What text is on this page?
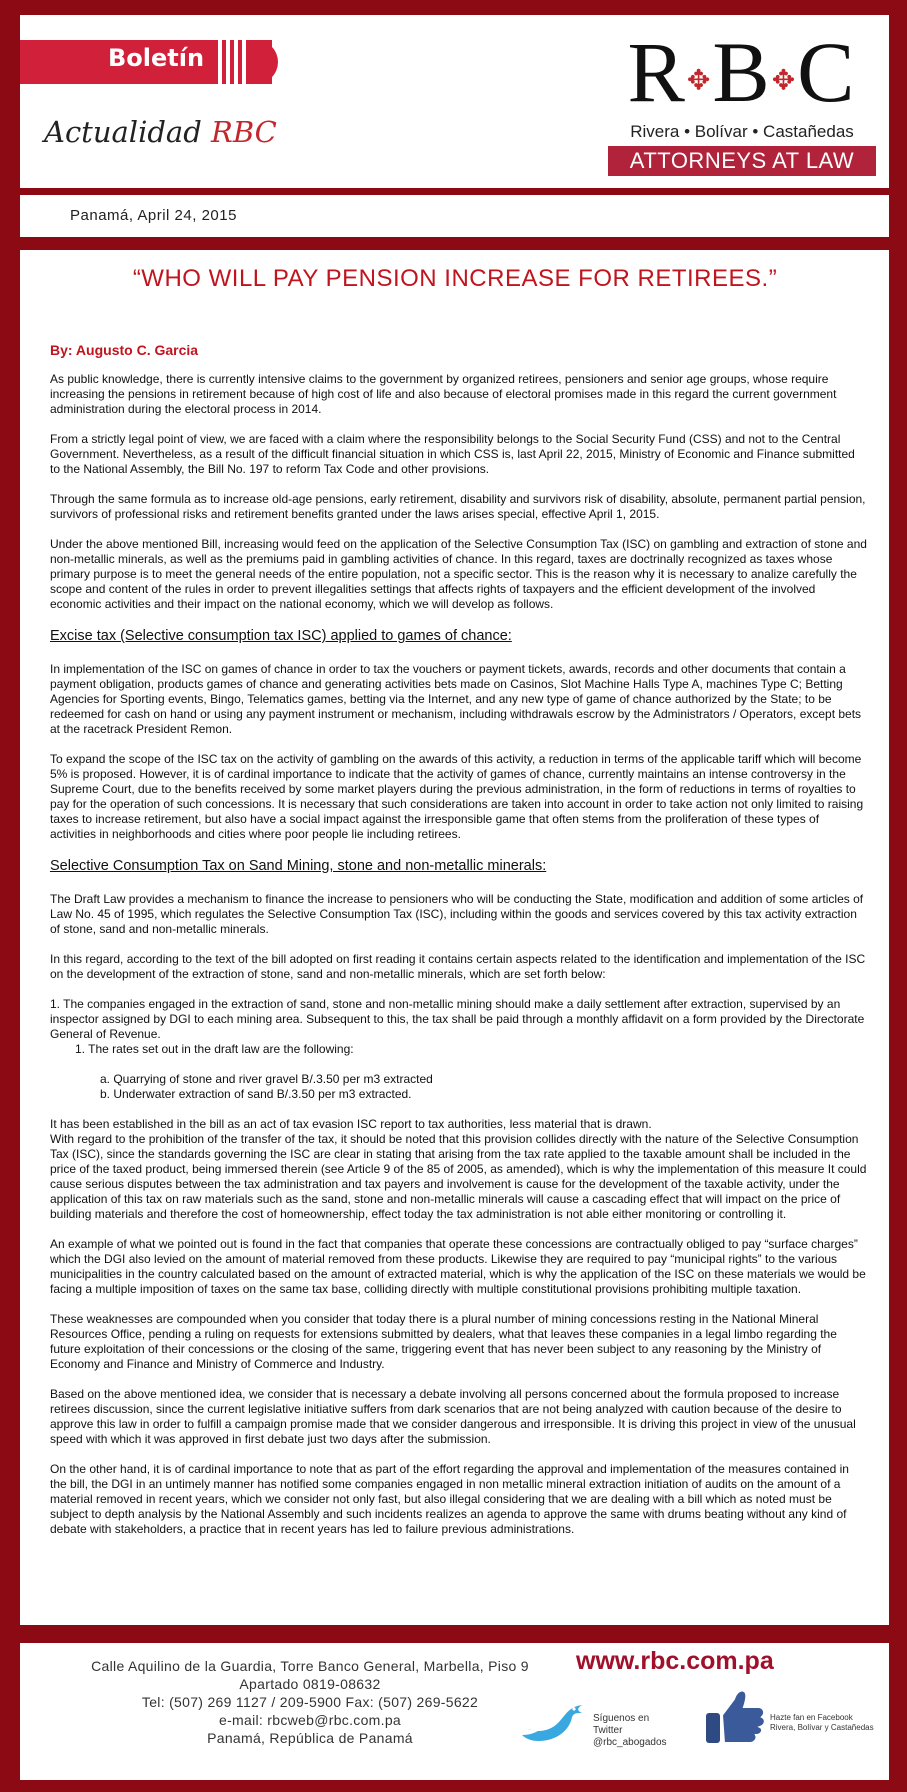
Boletín
Actualidad RBC
R✥B✥C
Rivera • Bolívar • Castañedas
ATTORNEYS AT LAW
Panamá, April 24, 2015
“WHO WILL PAY PENSION INCREASE FOR RETIREES.”
By: Augusto C. Garcia

As public knowledge, there is currently intensive claims to the government by organized retirees, pensioners and senior age groups, whose require increasing the pensions in retirement because of high cost of life and also because of electoral promises made in this regard the current government administration during the electoral process in 2014.

From a strictly legal point of view, we are faced with a claim where the responsibility belongs to the Social Security Fund (CSS) and not to the Central Government. Nevertheless, as a result of the difficult financial situation in which CSS is, last April 22, 2015, Ministry of Economic and Finance submitted to the National Assembly, the Bill No. 197 to reform Tax Code and other provisions.

Through the same formula as to increase old-age pensions, early retirement, disability and survivors risk of disability, absolute, permanent partial pension, survivors of professional risks and retirement benefits granted under the laws arises special, effective April 1, 2015.

Under the above mentioned Bill, increasing would feed on the application of the Selective Consumption Tax (ISC) on gambling and extraction of stone and non-metallic minerals, as well as the premiums paid in gambling activities of chance. In this regard, taxes are doctrinally recognized as taxes whose primary purpose is to meet the general needs of the entire population, not a specific sector. This is the reason why it is necessary to analize carefully the scope and content of the rules in order to prevent illegalities settings that affects rights of taxpayers and the efficient development of the involved economic activities and their impact on the national economy, which we will develop as follows.

Excise tax (Selective consumption tax ISC) applied to games of chance:

In implementation of the ISC on games of chance in order to tax the vouchers or payment tickets, awards, records and other documents that contain a payment obligation, products games of chance and generating activities bets made on Casinos, Slot Machine Halls Type A, machines Type C; Betting Agencies for Sporting events, Bingo, Telematics games, betting via the Internet, and any new type of game of chance authorized by the State; to be redeemed for cash on hand or using any payment instrument or mechanism, including withdrawals escrow by the Administrators / Operators, except bets at the racetrack President Remon.

To expand the scope of the ISC tax on the activity of gambling on the awards of this activity, a reduction in terms of the applicable tariff which will become 5% is proposed. However, it is of cardinal importance to indicate that the activity of games of chance, currently maintains an intense controversy in the Supreme Court, due to the benefits received by some market players during the previous administration, in the form of reductions in terms of royalties to pay for the operation of such concessions. It is necessary that such considerations are taken into account in order to take action not only limited to raising taxes to increase retirement, but also have a social impact against the irresponsible game that often stems from the proliferation of these types of activities in neighborhoods and cities where poor people lie including retirees.

Selective Consumption Tax on Sand Mining, stone and non-metallic minerals:

The Draft Law provides a mechanism to finance the increase to pensioners who will be conducting the State, modification and addition of some articles of Law No. 45 of 1995, which regulates the Selective Consumption Tax (ISC), including within the goods and services covered by this tax activity extraction of stone, sand and non-metallic minerals.

In this regard, according to the text of the bill adopted on first reading it contains certain aspects related to the identification and implementation of the ISC on the development of the extraction of stone, sand and non-metallic minerals, which are set forth below:

1. The companies engaged in the extraction of sand, stone and non-metallic mining should make a daily settlement after extraction, supervised by an inspector assigned by DGI to each mining area. Subsequent to this, the tax shall be paid through a monthly affidavit on a form provided by the Directorate General of Revenue.

1. The rates set out in the draft law are the following:
a. Quarrying of stone and river gravel B/.3.50 per m3 extracted
b. Underwater extraction of sand B/.3.50 per m3 extracted.
It has been established in the bill as an act of tax evasion ISC report to tax authorities, less material that is drawn.

With regard to the prohibition of the transfer of the tax, it should be noted that this provision collides directly with the nature of the Selective Consumption Tax (ISC), since the standards governing the ISC are clear in stating that arising from the tax rate applied to the taxable amount shall be included in the price of the taxed product, being immersed therein (see Article 9 of the 85 of 2005, as amended), which is why the implementation of this measure It could cause serious disputes between the tax administration and tax payers and involvement is cause for the development of the taxable activity, under the application of this tax on raw materials such as the sand, stone and non-metallic minerals will cause a cascading effect that will impact on the price of building materials and therefore the cost of homeownership, effect today the tax administration is not able either monitoring or controlling it.

An example of what we pointed out is found in the fact that companies that operate these concessions are contractually obliged to pay “surface charges” which the DGI also levied on the amount of material removed from these products. Likewise they are required to pay “municipal rights” to the various municipalities in the country calculated based on the amount of extracted material, which is why the application of the ISC on these materials we would be facing a multiple imposition of taxes on the same tax base, colliding directly with multiple constitutional provisions prohibiting multiple taxation.

These weaknesses are compounded when you consider that today there is a plural number of mining concessions resting in the National Mineral Resources Office, pending a ruling on requests for extensions submitted by dealers, what that leaves these companies in a legal limbo regarding the future exploitation of their concessions or the closing of the same, triggering event that has never been subject to any reasoning by the Ministry of Economy and Finance and Ministry of Commerce and Industry.

Based on the above mentioned idea, we consider that is necessary a debate involving all persons concerned about the formula proposed to increase retirees discussion, since the current legislative initiative suffers from dark scenarios that are not being analyzed with caution because of the desire to approve this law in order to fulfill a campaign promise made that we consider dangerous and irresponsible. It is driving this project in view of the unusual speed with which it was approved in first debate just two days after the submission.

On the other hand, it is of cardinal importance to note that as part of the effort regarding the approval and implementation of the measures contained in the bill, the DGI in an untimely manner has notified some companies engaged in non metallic mineral extraction initiation of audits on the amount of a material removed in recent years, which we consider not only fast, but also illegal considering that we are dealing with a bill which as noted must be subject to depth analysis by the National Assembly and such incidents realizes an agenda to approve the same with drums beating without any kind of debate with stakeholders, a practice that in recent years has led to failure previous administrations.

Calle Aquilino de la Guardia, Torre Banco General, Marbella, Piso 9
Apartado 0819-08632
Tel: (507) 269 1127 / 209-5900 Fax: (507) 269-5622
e-mail: rbcweb@rbc.com.pa
Panamá, República de Panamá
www.rbc.com.pa
Síguenos en Twitter
@rbc_abogados
Hazte fan en Facebook
Rivera, Bolívar y Castañedas
